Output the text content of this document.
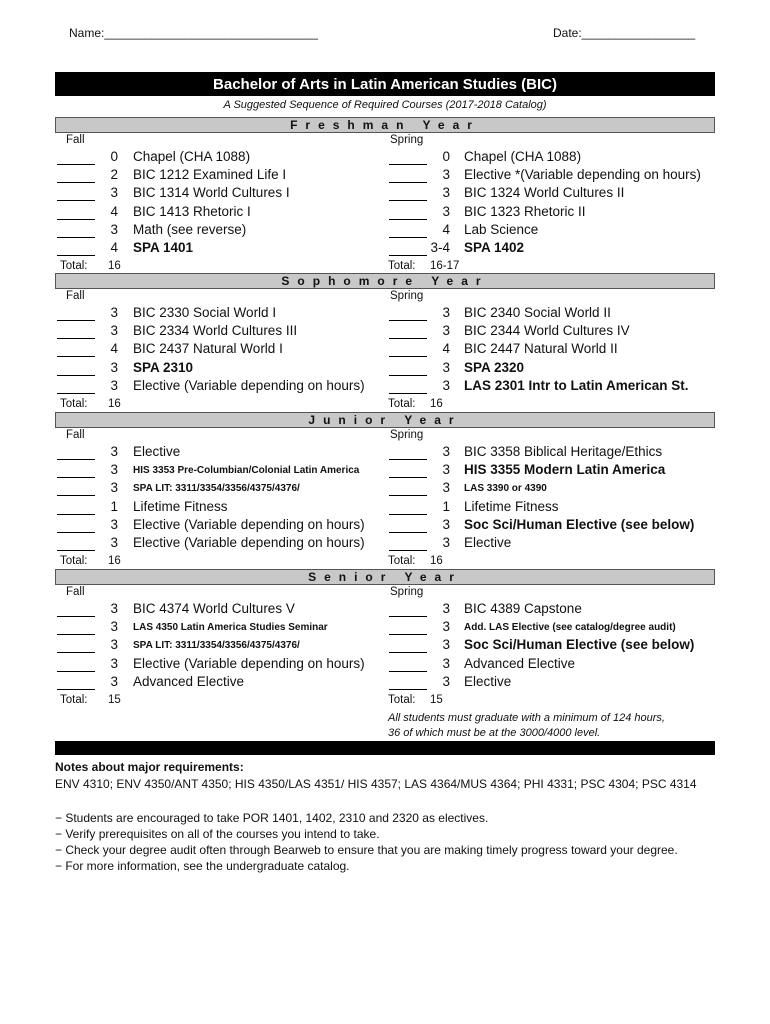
Name:________________________________	Date:_________________
Bachelor of Arts in Latin American Studies (BIC)
A Suggested Sequence of Required Courses (2017-2018 Catalog)
Freshman Year
Fall	Spring
0 Chapel (CHA 1088)
2 BIC 1212 Examined Life I
3 BIC 1314 World Cultures I
4 BIC 1413 Rhetoric I
3 Math (see reverse)
4 SPA 1401
Total: 16
0 Chapel (CHA 1088)
3 Elective *(Variable depending on hours)
3 BIC 1324 World Cultures II
3 BIC 1323 Rhetoric II
4 Lab Science
3-4 SPA 1402
Total: 16-17
Sophomore Year
Fall	Spring
3 BIC 2330 Social World I
3 BIC 2334 World Cultures III
4 BIC 2437 Natural World I
3 SPA 2310
3 Elective (Variable depending on hours)
Total: 16
3 BIC 2340 Social World II
3 BIC 2344 World Cultures IV
4 BIC 2447 Natural World II
3 SPA 2320
3 LAS 2301 Intr to Latin American St.
Total: 16
Junior Year
Fall	Spring
3 Elective
3 HIS 3353 Pre-Columbian/Colonial Latin America
3 SPA LIT: 3311/3354/3356/4375/4376/
1 Lifetime Fitness
3 Elective (Variable depending on hours)
3 Elective (Variable depending on hours)
Total: 16
3 BIC 3358 Biblical Heritage/Ethics
3 HIS 3355 Modern Latin America
3 LAS 3390 or 4390
1 Lifetime Fitness
3 Soc Sci/Human Elective (see below)
3 Elective
Total: 16
Senior Year
Fall	Spring
3 BIC 4374 World Cultures V
3 LAS 4350 Latin America Studies Seminar
3 SPA LIT: 3311/3354/3356/4375/4376/
3 Elective (Variable depending on hours)
3 Advanced Elective
Total: 15
3 BIC 4389 Capstone
3 Add. LAS Elective (see catalog/degree audit)
3 Soc Sci/Human Elective (see below)
3 Advanced Elective
3 Elective
Total: 15
All students must graduate with a minimum of 124 hours,
36 of which must be at the 3000/4000 level.
Notes about major requirements:
ENV 4310; ENV 4350/ANT 4350; HIS 4350/LAS 4351/ HIS 4357; LAS 4364/MUS 4364; PHI 4331; PSC 4304; PSC 4314
− Students are encouraged to take POR 1401, 1402, 2310 and 2320 as electives.
− Verify prerequisites on all of the courses you intend to take.
− Check your degree audit often through Bearweb to ensure that you are making timely progress toward your degree.
− For more information, see the undergraduate catalog.
